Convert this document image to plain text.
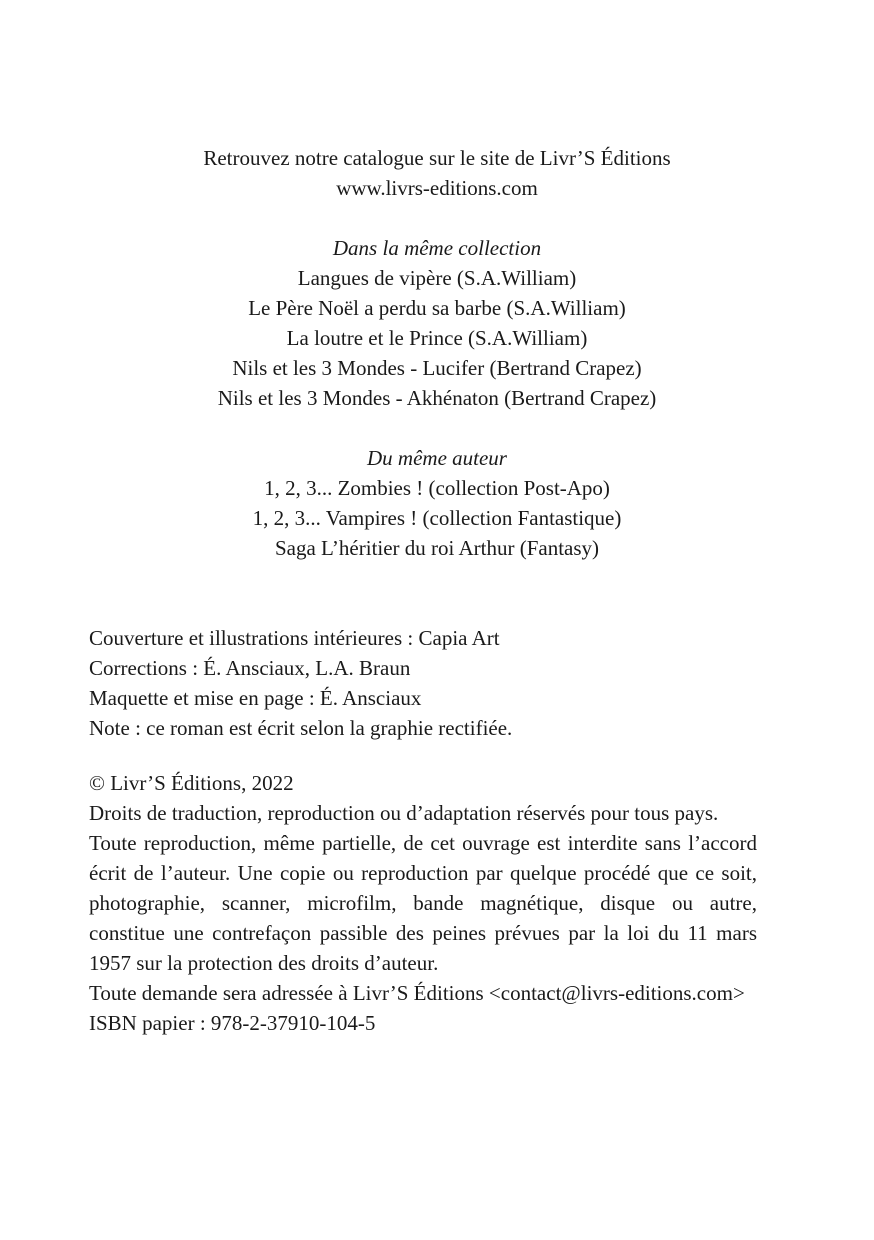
Retrouvez notre catalogue sur le site de Livr’S Éditions
www.livrs-editions.com
Dans la même collection
Langues de vipère (S.A.William)
Le Père Noël a perdu sa barbe (S.A.William)
La loutre et le Prince (S.A.William)
Nils et les 3 Mondes - Lucifer (Bertrand Crapez)
Nils et les 3 Mondes - Akhénaton (Bertrand Crapez)
Du même auteur
1, 2, 3... Zombies ! (collection Post-Apo)
1, 2, 3... Vampires ! (collection Fantastique)
Saga L’héritier du roi Arthur (Fantasy)
Couverture et illustrations intérieures : Capia Art
Corrections : É. Ansciaux, L.A. Braun
Maquette et mise en page : É. Ansciaux
Note : ce roman est écrit selon la graphie rectifiée.
© Livr’S Éditions, 2022
Droits de traduction, reproduction ou d’adaptation réservés pour tous pays.
Toute reproduction, même partielle, de cet ouvrage est interdite sans l’accord écrit de l’auteur. Une copie ou reproduction par quelque procédé que ce soit, photographie, scanner, microfilm, bande magnétique, disque ou autre, constitue une contrefaçon passible des peines prévues par la loi du 11 mars 1957 sur la protection des droits d’auteur.
Toute demande sera adressée à Livr’S Éditions <contact@livrs-editions.com>
ISBN papier : 978-2-37910-104-5
